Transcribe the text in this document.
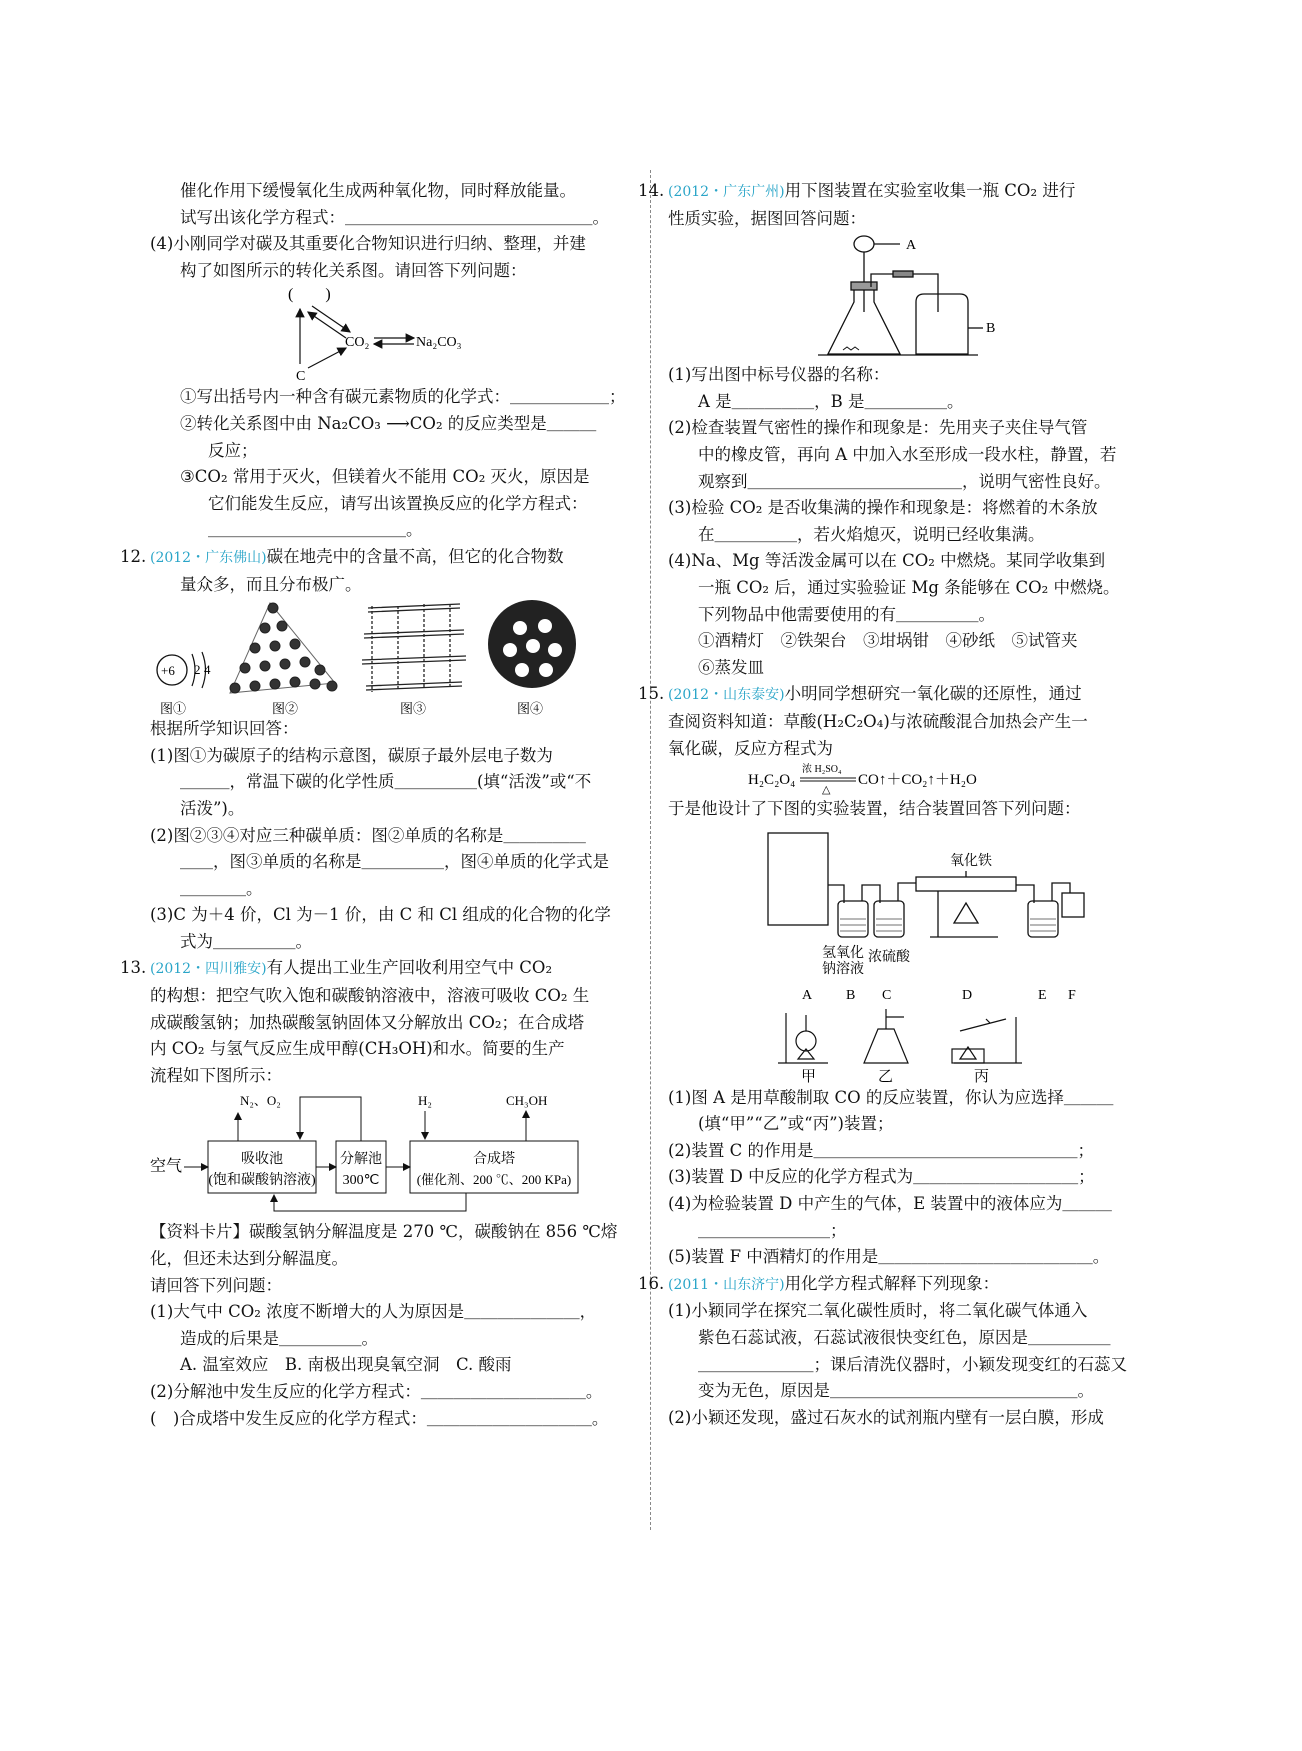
催化作用下缓慢氧化生成两种氧化物，同时释放能量。

试写出该化学方程式：＿＿＿＿＿＿＿＿＿＿＿＿＿＿＿。

(4)小刚同学对碳及其重要化合物知识进行归纳、整理，并建

构了如图所示的转化关系图。请回答下列问题：

(　　)
CO₂	Na₂CO₃
C

①写出括号内一种含有碳元素物质的化学式：＿＿＿＿＿＿；

②转化关系图中由 Na₂CO₃ ⟶CO₂ 的反应类型是＿＿＿

反应；

③CO₂ 常用于灭火，但镁着火不能用 CO₂ 灭火，原因是

它们能发生反应，请写出该置换反应的化学方程式：

＿＿＿＿＿＿＿＿＿＿＿＿。

12. (2012・广东佛山)碳在地壳中的含量不高，但它的化合物数

量众多，而且分布极广。

+6 2 4
图①	图②	图③	图④

根据所学知识回答：

(1)图①为碳原子的结构示意图，碳原子最外层电子数为

＿＿＿，常温下碳的化学性质＿＿＿＿＿(填“活泼”或“不

活泼”)。

(2)图②③④对应三种碳单质：图②单质的名称是＿＿＿＿＿

＿＿，图③单质的名称是＿＿＿＿＿，图④单质的化学式是

＿＿＿＿。

(3)C 为＋4 价，Cl 为－1 价，由 C 和 Cl 组成的化合物的化学

式为＿＿＿＿＿。

13. (2012・四川雅安)有人提出工业生产回收利用空气中 CO₂

的构想：把空气吹入饱和碳酸钠溶液中，溶液可吸收 CO₂ 生

成碳酸氢钠；加热碳酸氢钠固体又分解放出 CO₂；在合成塔

内 CO₂ 与氢气反应生成甲醇(CH₃OH)和水。简要的生产

流程如下图所示：

N₂、O₂
空气	吸收池
(饱和碳酸钠溶液)
分解池
300℃
H₂	CH₃OH
合成塔
(催化剂、200 ℃、200 KPa)

【资料卡片】碳酸氢钠分解温度是 270 ℃，碳酸钠在 856 ℃熔

化，但还未达到分解温度。

请回答下列问题：

(1)大气中 CO₂ 浓度不断增大的人为原因是＿＿＿＿＿＿＿，

造成的后果是＿＿＿＿＿。

A. 温室效应　B. 南极出现臭氧空洞　C. 酸雨

(2)分解池中发生反应的化学方程式：＿＿＿＿＿＿＿＿＿＿。

(　)合成塔中发生反应的化学方程式：＿＿＿＿＿＿＿＿＿＿。

14. (2012・广东广州)用下图装置在实验室收集一瓶 CO₂ 进行

性质实验，据图回答问题：

A
B

(1)写出图中标号仪器的名称：

A 是＿＿＿＿＿，B 是＿＿＿＿＿。

(2)检查装置气密性的操作和现象是：先用夹子夹住导气管

中的橡皮管，再向 A 中加入水至形成一段水柱，静置，若

观察到＿＿＿＿＿＿＿＿＿＿＿＿＿，说明气密性良好。

(3)检验 CO₂ 是否收集满的操作和现象是：将燃着的木条放

在＿＿＿＿＿，若火焰熄灭，说明已经收集满。

(4)Na、Mg 等活泼金属可以在 CO₂ 中燃烧。某同学收集到

一瓶 CO₂ 后，通过实验验证 Mg 条能够在 CO₂ 中燃烧。

下列物品中他需要使用的有＿＿＿＿＿。

①酒精灯　②铁架台　③坩埚钳　④砂纸　⑤试管夹

⑥蒸发皿

15. (2012・山东泰安)小明同学想研究一氧化碳的还原性，通过

查阅资料知道：草酸(H₂C₂O₄)与浓硫酸混合加热会产生一

氧化碳，反应方程式为

H₂C₂O₄
浓 H₂SO₄
△
CO↑＋CO₂↑＋H₂O

于是他设计了下图的实验装置，结合装置回答下列问题：

氧化铁
氢氧化
钠溶液
浓硫酸
A B C	D	E F
甲	乙	丙

(1)图 A 是用草酸制取 CO 的反应装置，你认为应选择＿＿＿

(填“甲”“乙”或“丙”)装置；

(2)装置 C 的作用是＿＿＿＿＿＿＿＿＿＿＿＿＿＿＿＿；

(3)装置 D 中反应的化学方程式为＿＿＿＿＿＿＿＿＿＿；

(4)为检验装置 D 中产生的气体，E 装置中的液体应为＿＿＿

＿＿＿＿＿＿＿＿；

(5)装置 F 中酒精灯的作用是＿＿＿＿＿＿＿＿＿＿＿＿＿。

16. (2011・山东济宁)用化学方程式解释下列现象：

(1)小颖同学在探究二氧化碳性质时，将二氧化碳气体通入

紫色石蕊试液，石蕊试液很快变红色，原因是＿＿＿＿＿

＿＿＿＿＿＿＿；课后清洗仪器时，小颖发现变红的石蕊又

变为无色，原因是＿＿＿＿＿＿＿＿＿＿＿＿＿＿＿。

(2)小颖还发现，盛过石灰水的试剂瓶内壁有一层白膜，形成
